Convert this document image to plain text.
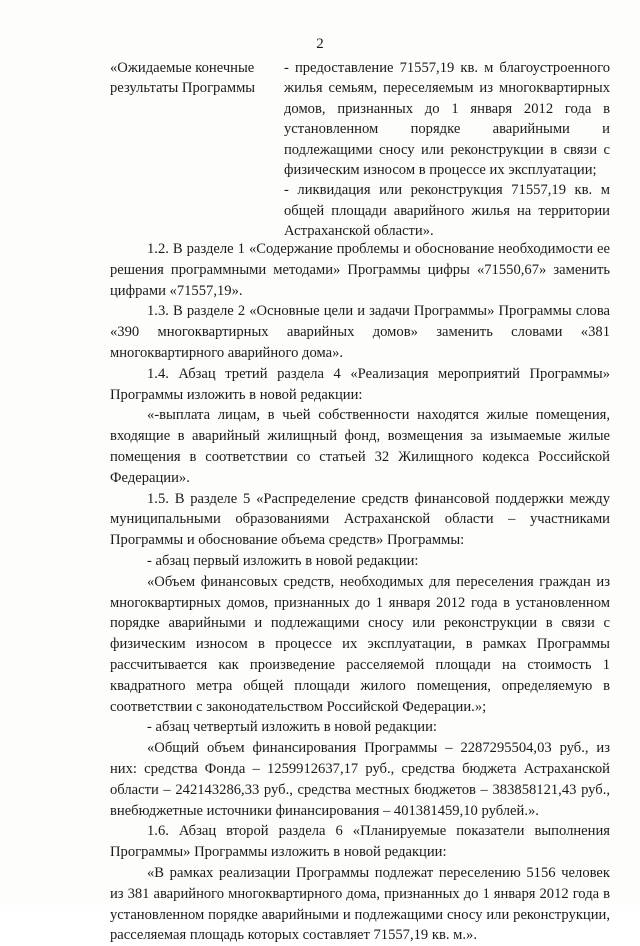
2
«Ожидаемые конечные результаты Программы

- предоставление 71557,19 кв. м благоустроенного жилья семьям, переселяемым из многоквартирных домов, признанных до 1 января 2012 года в установленном порядке аварийными и подлежащими сносу или реконструкции в связи с физическим износом в процессе их эксплуатации;

- ликвидация или реконструкция 71557,19 кв. м общей площади аварийного жилья на территории Астраханской области».

1.2. В разделе 1 «Содержание проблемы и обоснование необходимости ее решения программными методами» Программы цифры «71550,67» заменить цифрами «71557,19».

1.3. В разделе 2 «Основные цели и задачи Программы» Программы слова «390 многоквартирных аварийных домов» заменить словами «381 многоквартирного аварийного дома».

1.4. Абзац третий раздела 4 «Реализация мероприятий Программы» Программы изложить в новой редакции:

«-выплата лицам, в чьей собственности находятся жилые помещения, входящие в аварийный жилищный фонд, возмещения за изымаемые жилые помещения в соответствии со статьей 32 Жилищного кодекса Российской Федерации».

1.5. В разделе 5 «Распределение средств финансовой поддержки между муниципальными образованиями Астраханской области – участниками Программы и обоснование объема средств» Программы:

- абзац первый изложить в новой редакции:

«Объем финансовых средств, необходимых для переселения граждан из многоквартирных домов, признанных до 1 января 2012 года в установленном порядке аварийными и подлежащими сносу или реконструкции в связи с физическим износом в процессе их эксплуатации, в рамках Программы рассчитывается как произведение расселяемой площади на стоимость 1 квадратного метра общей площади жилого помещения, определяемую в соответствии с законодательством Российской Федерации.»;

- абзац четвертый изложить в новой редакции:

«Общий объем финансирования Программы – 2287295504,03 руб., из них: средства Фонда – 1259912637,17 руб., средства бюджета Астраханской области – 242143286,33 руб., средства местных бюджетов – 383858121,43 руб., внебюджетные источники финансирования – 401381459,10 рублей.».

1.6. Абзац второй раздела 6 «Планируемые показатели выполнения Программы» Программы изложить в новой редакции:

«В рамках реализации Программы подлежат переселению 5156 человек из 381 аварийного многоквартирного дома, признанных до 1 января 2012 года в установленном порядке аварийными и подлежащими сносу или реконструкции, расселяемая площадь которых составляет 71557,19 кв. м.».
